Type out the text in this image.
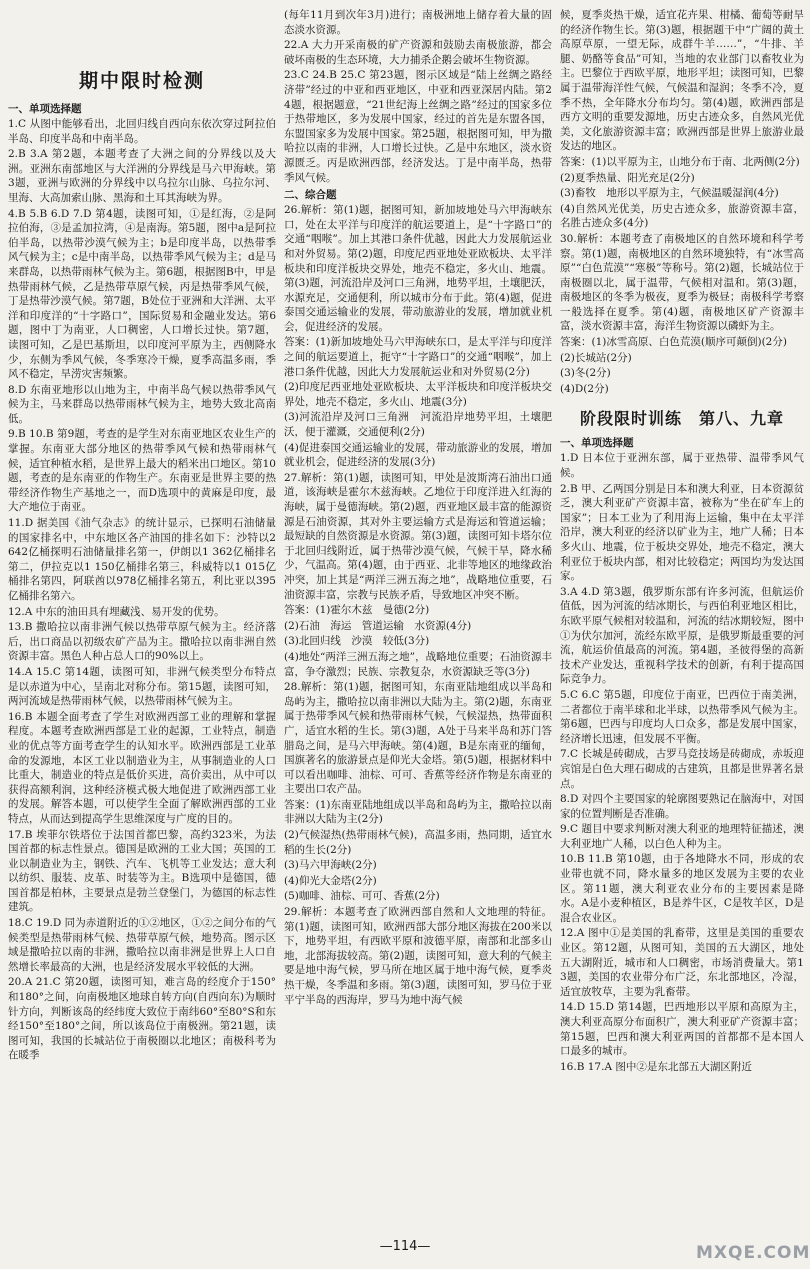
期中限时检测
一、单项选择题

1.C 从图中能够看出，北回归线自西向东依次穿过阿拉伯半岛、印度半岛和中南半岛。

2.B 3.A 第2题，本题考查了大洲之间的分界线以及大洲。亚洲东南部地区与大洋洲的分界线是马六甲海峡。第3题，亚洲与欧洲的分界线中以乌拉尔山脉、乌拉尔河、里海、大高加索山脉、黑海和土耳其海峡为界。

4.B 5.B 6.D 7.D 第4题，读图可知，①是红海，②是阿拉伯海，③是孟加拉湾，④是南海。第5题，图中a是阿拉伯半岛，以热带沙漠气候为主；b是印度半岛，以热带季风气候为主；c是中南半岛，以热带季风气候为主；d是马来群岛，以热带雨林气候为主。第6题，根据图B中，甲是热带雨林气候，乙是热带草原气候，丙是热带季风气候，丁是热带沙漠气候。第7题，B处位于亚洲和大洋洲、太平洋和印度洋的“十字路口”，国际贸易和金融业发达。第6题，图中丁为南亚，人口稠密，人口增长过快。第7题，读图可知，乙是巴基斯坦，以印度河平原为主，西侧降水少，东侧为季风气候，冬季寒冷干燥，夏季高温多雨，季风不稳定，旱涝灾害频繁。

8.D 东南亚地形以山地为主，中南半岛气候以热带季风气候为主，马来群岛以热带雨林气候为主，地势大致北高南低。

9.B 10.B 第9题，考查的是学生对东南亚地区农业生产的掌握。东南亚大部分地区的热带季风气候和热带雨林气候，适宜种植水稻，是世界上最大的稻米出口地区。第10题，考查的是东南亚的作物生产。东南亚是世界主要的热带经济作物生产基地之一，而D选项中的黄麻是印度，最大产地位于南亚。

11.D 据美国《油气杂志》的统计显示，已探明石油储量的国家排名中，中东地区各产油国的排名如下：沙特以2 642亿桶探明石油储量排名第一，伊朗以1 362亿桶排名第二，伊拉克以1 150亿桶排名第三，科威特以1 015亿桶排名第四，阿联酋以978亿桶排名第五，利比亚以395亿桶排名第六。

12.A 中东的油田具有埋藏浅、易开发的优势。

13.B 撒哈拉以南非洲气候以热带草原气候为主。经济落后，出口商品以初级农矿产品为主。撒哈拉以南非洲自然资源丰富。黑色人种占总人口的90%以上。

14.A 15.C 第14题，读图可知，非洲气候类型分布特点是以赤道为中心，呈南北对称分布。第15题，读图可知，两河流域是热带雨林气候，以热带雨林气候为主。

16.B 本题全面考查了学生对欧洲西部工业的理解和掌握程度。本题考查欧洲西部是工业的起源，工业特点，制造业的优点等方面考查学生的认知水平。欧洲西部是工业革命的发源地，本区工业以制造业为主，从事制造业的人口比重大，制造业的特点是低价买进，高价卖出，从中可以获得高额利润，这种经济模式极大地促进了欧洲西部工业的发展。解答本题，可以使学生全面了解欧洲西部的工业特点，从而达到提高学生思维深度与广度的目的。

17.B 埃菲尔铁塔位于法国首都巴黎，高约323米，为法国首都的标志性景点。德国是欧洲的工业大国；英国的工业以制造业为主，钢铁、汽车、飞机等工业发达；意大利以纺织、服装、皮革、时装等为主。B选项中是德国，德国首都是柏林，主要景点是勃兰登堡门，为德国的标志性建筑。

18.C 19.D 同为赤道附近的①②地区，①②之间分布的气候类型是热带雨林气候、热带草原气候，地势高。图示区域是撒哈拉以南的非洲，撒哈拉以南非洲是世界上人口自然增长率最高的大洲，也是经济发展水平较低的大洲。

20.A 21.C 第20题，读图可知，难言岛的经度介于150°和180°之间，向南极地区地球自转方向(自西向东)为顺时针方向，判断该岛的经纬度大致位于南纬60°至80°S和东经150°至180°之间，所以该岛位于南极洲。第21题，读图可知，我国的长城站位于南极圈以北地区；南极科考为在暖季

(每年11月到次年3月)进行；南极洲地上储存着大量的固态淡水资源。

22.A 大力开采南极的矿产资源和鼓励去南极旅游，都会破坏南极的生态环境，大力捕杀企鹅会破坏生物资源。

23.C 24.B 25.C 第23题，图示区域是“陆上丝绸之路经济带”经过的中亚和西亚地区，中亚和西亚深居内陆。第24题，根据题意，“21世纪海上丝绸之路”经过的国家多位于热带地区，多为发展中国家，经过的首先是东盟各国，东盟国家多为发展中国家。第25题，根据图可知，甲为撒哈拉以南的非洲，人口增长过快。乙是中东地区，淡水资源匮乏。丙是欧洲西部，经济发达。丁是中南半岛，热带季风气候。

二、综合题

26.解析：第(1)题，据图可知，新加坡地处马六甲海峡东口，处在太平洋与印度洋的航运要道上，是“十字路口”的交通“咽喉”。加上其港口条件优越，因此大力发展航运业和对外贸易。第(2)题，印度尼西亚地处亚欧板块、太平洋板块和印度洋板块交界处，地壳不稳定，多火山、地震。第(3)题，河流沿岸及河口三角洲，地势平坦，土壤肥沃，水源充足，交通便利，所以城市分布于此。第(4)题，促进泰国交通运输业的发展，带动旅游业的发展，增加就业机会，促进经济的发展。

答案：(1)新加坡地处马六甲海峡东口，是太平洋与印度洋之间的航运要道上，扼守“十字路口”的交通“咽喉”，加上港口条件优越，因此大力发展航运业和对外贸易(2分)

(2)印度尼西亚地处亚欧板块、太平洋板块和印度洋板块交界处，地壳不稳定，多火山、地震(3分)

(3)河流沿岸及河口三角洲　河流沿岸地势平坦，土壤肥沃，便于灌溉，交通便利(2分)

(4)促进泰国交通运输业的发展，带动旅游业的发展，增加就业机会，促进经济的发展(3分)

27.解析：第(1)题，读图可知，甲处是波斯湾石油出口通道，该海峡是霍尔木兹海峡。乙地位于印度洋进入红海的海峡，属于曼德海峡。第(2)题，西亚地区最丰富的能源资源是石油资源，其对外主要运输方式是海运和管道运输；最短缺的自然资源是水资源。第(3)题，读图可知卡塔尔位于北回归线附近，属于热带沙漠气候，气候干旱，降水稀少，气温高。第(4)题，由于西亚、北非等地区的地缘政治冲突，加上其是“两洋三洲五海之地”，战略地位重要，石油资源丰富，宗教与民族矛盾，导致地区冲突不断。

答案：(1)霍尔木兹　曼德(2分)

(2)石油　海运　管道运输　水资源(4分)

(3)北回归线　沙漠　较低(3分)

(4)地处“两洋三洲五海之地”，战略地位重要；石油资源丰富，争夺激烈；民族、宗教复杂，水资源缺乏等(3分)

28.解析：第(1)题，据图可知，东南亚陆地组成以半岛和岛屿为主，撒哈拉以南非洲以大陆为主。第(2)题，东南亚属于热带季风气候和热带雨林气候，气候湿热，热带面积广，适宜水稻的生长。第(3)题，A处于马来半岛和苏门答腊岛之间，是马六甲海峡。第(4)题，B是东南亚的缅甸，国旗著名的旅游景点是仰光大金塔。第(5)题，根据材料中可以看出咖啡、油棕、可可、香蕉等经济作物是东南亚的主要出口农产品。

答案：(1)东南亚陆地组成以半岛和岛屿为主，撒哈拉以南非洲以大陆为主(2分)

(2)气候湿热(热带雨林气候)，高温多雨，热同期，适宜水稻的生长(2分)

(3)马六甲海峡(2分)

(4)仰光大金塔(2分)

(5)咖啡、油棕、可可、香蕉(2分)

29.解析：本题考查了欧洲西部自然和人文地理的特征。第(1)题，读图可知，欧洲西部大部分地区海拔在200米以下，地势平坦，有西欧平原和波德平原，南部和北部多山地，北部海拔较高。第(2)题，读图可知，意大利的气候主要是地中海气候，罗马所在地区属于地中海气候，夏季炎热干燥，冬季温和多雨。第(3)题，读图可知，罗马位于亚平宁半岛的西海岸，罗马为地中海气候

候，夏季炎热干燥，适宜花卉果、柑橘、葡萄等耐旱的经济作物生长。第(3)题，根据题干中“广阔的黄土高原草原，一望无际，成群牛羊……”，“牛排、羊腿、奶酪等食品”可知，当地的农业部门以畜牧业为主。巴黎位于西欧平原，地形平坦；读图可知，巴黎属于温带海洋性气候，气候温和湿润；冬季不冷，夏季不热，全年降水分布均匀。第(4)题，欧洲西部是西方文明的重要发源地，历史古迹众多，自然风光优美，文化旅游资源丰富；欧洲西部是世界上旅游业最发达的地区。

答案：(1)以平原为主，山地分布于南、北两侧(2分)

(2)夏季热量、阳光充足(2分)

(3)畜牧　地形以平原为主，气候温暖湿润(4分)

(4)自然风光优美，历史古迹众多，旅游资源丰富，名胜古迹众多(4分)

30.解析：本题考查了南极地区的自然环境和科学考察。第(1)题，南极地区的自然环境独特，有“冰雪高原”“白色荒漠”“寒极”等称号。第(2)题，长城站位于南极圈以北，属于温带，气候相对温和。第(3)题，南极地区的冬季为极夜，夏季为极昼；南极科学考察一般选择在夏季。第(4)题，南极地区矿产资源丰富，淡水资源丰富，海洋生物资源以磷虾为主。

答案：(1)冰雪高原、白色荒漠(顺序可颠倒)(2分)

(2)长城站(2分)

(3)冬(2分)

(4)D(2分)

阶段限时训练　第八、九章
一、单项选择题

1.D 日本位于亚洲东部，属于亚热带、温带季风气候。

2.B 甲、乙两国分别是日本和澳大利亚，日本资源贫乏，澳大利亚矿产资源丰富，被称为“坐在矿车上的国家”；日本工业为了利用海上运输，集中在太平洋沿岸，澳大利亚的经济以矿业为主，地广人稀；日本多火山、地震，位于板块交界处，地壳不稳定，澳大利亚位于板块内部，相对比较稳定；两国均为发达国家。

3.A 4.D 第3题，俄罗斯东部有许多河流，但航运价值低，因为河流的结冰期长，与西伯利亚地区相比，东欧平原气候相对较温和，河流的结冰期较短，图中①为伏尔加河，流经东欧平原，是俄罗斯最重要的河流，航运价值最高的河流。第4题，圣彼得堡的高新技术产业发达，重视科学技术的创新，有利于提高国际竞争力。

5.C 6.C 第5题，印度位于南亚，巴西位于南美洲，二者都位于南半球和北半球，以热带季风气候为主。第6题，巴西与印度均人口众多，都是发展中国家，经济增长迅速，但发展不平衡。

7.C 长城是砖砌成，古罗马竞技场是砖砌成，赤坂迎宾馆是白色大理石砌成的古建筑，且都是世界著名景点。

8.D 对四个主要国家的轮廓图要熟记在脑海中，对国家的位置判断是否准确。

9.C 题目中要求判断对澳大利亚的地理特征描述，澳大利亚地广人稀，以白色人种为主。

10.B 11.B 第10题，由于各地降水不同，形成的农业带也就不同，降水量多的地区发展为主要的农业区。第11题，澳大利亚农业分布的主要因素是降水。A是小麦种植区，B是养牛区，C是牧羊区，D是混合农业区。

12.A 图中①是美国的乳畜带，这里是美国的重要农业区。第12题，从图可知，美国的五大湖区，地处五大湖附近，城市和人口稠密，市场消费量大。第13题，美国的农业带分布广泛，东北部地区，冷湿，适宜放牧草，主要为乳畜带。

14.D 15.D 第14题，巴西地形以平原和高原为主，澳大利亚高原分布面积广，澳大利亚矿产资源丰富；第15题，巴西和澳大利亚两国的首都都不是本国人口最多的城市。

16.B 17.A 图中②是东北部五大湖区附近

—114—	MXQE.COM
